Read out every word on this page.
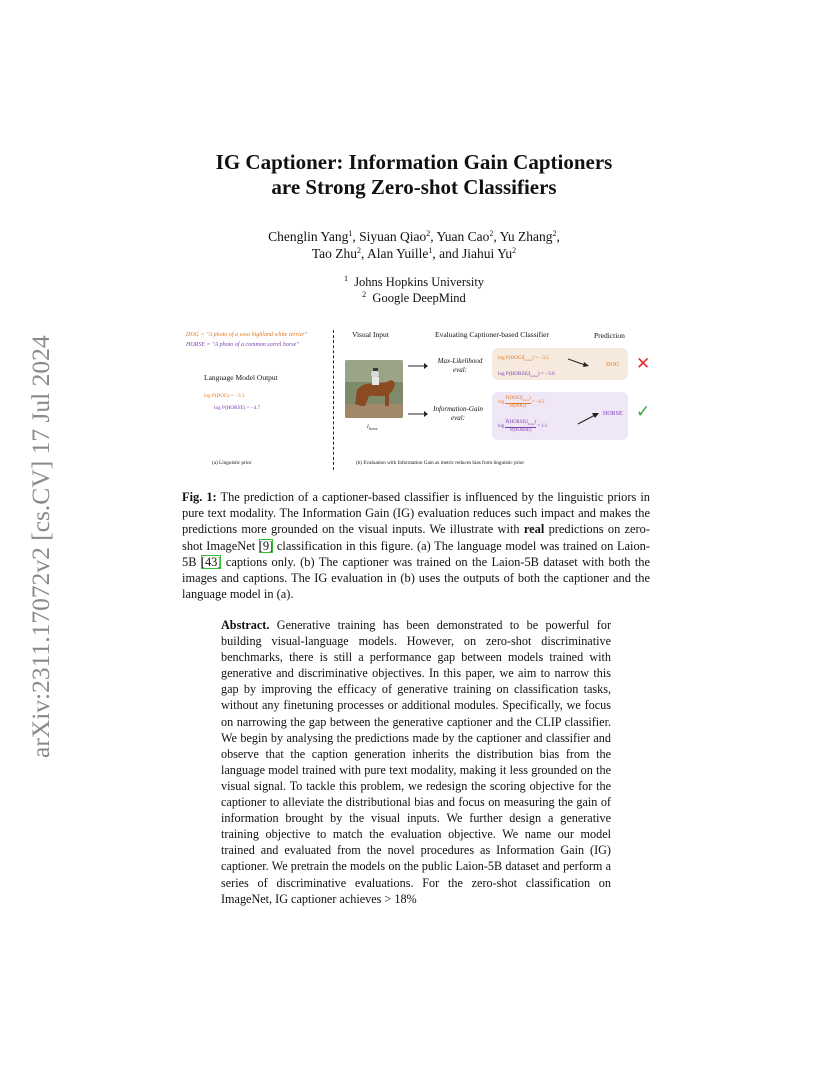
arXiv:2311.17072v2 [cs.CV] 17 Jul 2024
IG Captioner: Information Gain Captioners
are Strong Zero-shot Classifiers
Chenglin Yang$^1$, Siyuan Qiao$^2$, Yuan Cao$^2$, Yu Zhang$^2$,
Tao Zhu$^2$, Alan Yuille$^1$, and Jiahui Yu$^2$
$^1$ Johns Hopkins University
$^2$ Google DeepMind
DOG = "A photo of a west highland white terrier"
HORSE = "A photo of a common sorrel horse"
Language Model Output
log P(DOG) = −3.3
log P(HORSE) = −4.7
(a) Linguistic prior
Visual Input	Evaluating Captioner-based Classifier	Prediction
$I_{horse}$
Max-Likelihood eval:
$\log P(DOG|I_{horse}) = -3.5$
$\log P(HORSE|I_{horse}) = -3.6$
DOG ✕
Information-Gain eval:
log
$P(DOG|I_{horse})$
P(DOG)
= −0.2
log
$P(HORSE|I_{horse})$
P(HORSE)
= 1.1
HORSE ✓
(b) Evaluation with Information Gain as metric reduces bias from linguistic prior
Fig. 1: The prediction of a captioner-based classifier is influenced by the linguistic priors in pure text modality. The Information Gain (IG) evaluation reduces such impact and makes the predictions more grounded on the visual inputs. We illustrate with real predictions on zero-shot ImageNet [9] classification in this figure. (a) The language model was trained on Laion-5B [43] captions only. (b) The captioner was trained on the Laion-5B dataset with both the images and captions. The IG evaluation in (b) uses the outputs of both the captioner and the language model in (a).
Abstract. Generative training has been demonstrated to be powerful for building visual-language models. However, on zero-shot discriminative benchmarks, there is still a performance gap between models trained with generative and discriminative objectives. In this paper, we aim to narrow this gap by improving the efficacy of generative training on classification tasks, without any finetuning processes or additional modules. Specifically, we focus on narrowing the gap between the generative captioner and the CLIP classifier. We begin by analysing the predictions made by the captioner and classifier and observe that the caption generation inherits the distribution bias from the language model trained with pure text modality, making it less grounded on the visual signal. To tackle this problem, we redesign the scoring objective for the captioner to alleviate the distributional bias and focus on measuring the gain of information brought by the visual inputs. We further design a generative training objective to match the evaluation objective. We name our model trained and evaluated from the novel procedures as Information Gain (IG) captioner. We pretrain the models on the public Laion-5B dataset and perform a series of discriminative evaluations. For the zero-shot classification on ImageNet, IG captioner achieves > 18%
